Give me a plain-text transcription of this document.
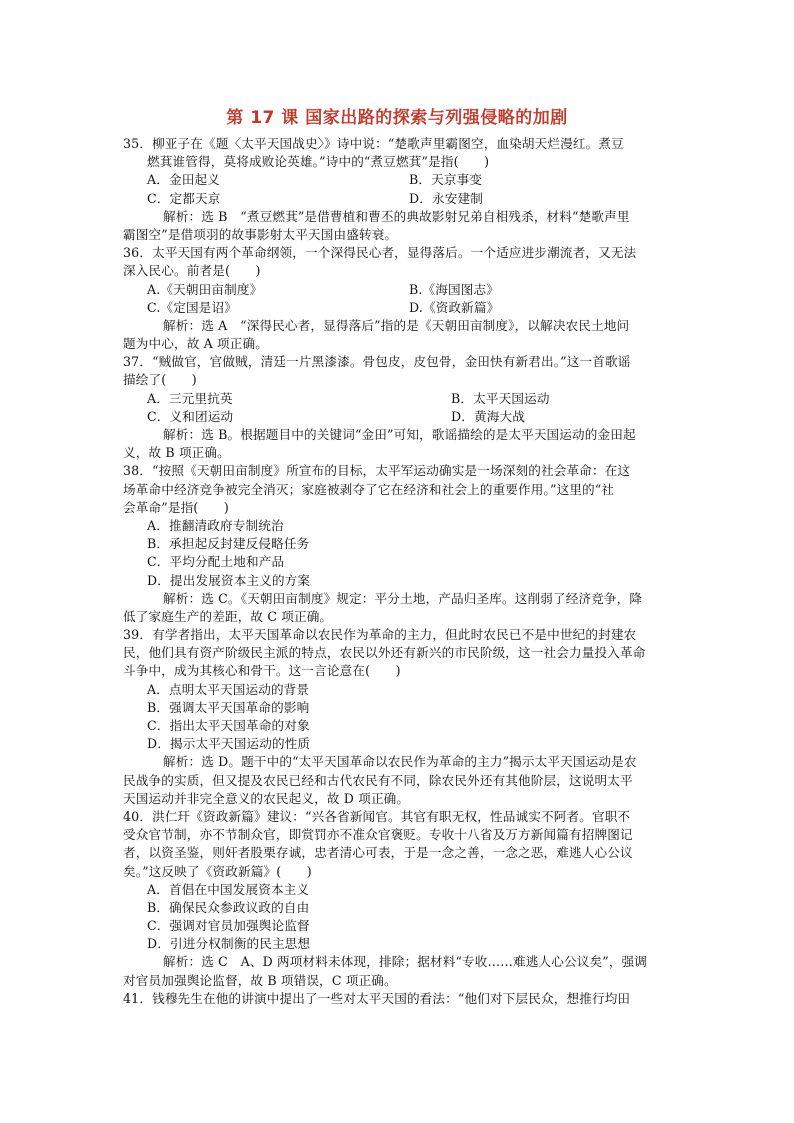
第 17 课 国家出路的探索与列强侵略的加剧
35．柳亚子在《题〈太平天国战史〉》诗中说：“楚歌声里霸图空，血染胡天烂漫红。煮豆
燃萁谁管得，莫将成败论英雄。”诗中的“煮豆燃萁”是指(　　)
A．金田起义	B．天京事变
C．定都天京	D．永安建制
解析：选 B　“煮豆燃萁”是借曹植和曹丕的典故影射兄弟自相残杀，材料“楚歌声里
霸图空”是借项羽的故事影射太平天国由盛转衰。
36．太平天国有两个革命纲领，一个深得民心者，显得落后。一个适应进步潮流者，又无法
深入民心。前者是(　　)
A.《天朝田亩制度》	B.《海国图志》
C.《定国是诏》	D.《资政新篇》
解析：选 A　“深得民心者，显得落后”指的是《天朝田亩制度》，以解决农民土地问
题为中心，故 A 项正确。
37．“贼做官，官做贼，清廷一片黑漆漆。骨包皮，皮包骨，金田快有新君出。”这一首歌谣
描绘了(　　)
A．三元里抗英	B．太平天国运动
C．义和团运动	D．黄海大战
解析：选 B。根据题目中的关键词“金田”可知，歌谣描绘的是太平天国运动的金田起
义，故 B 项正确。
38．“按照《天朝田亩制度》所宣布的目标，太平军运动确实是一场深刻的社会革命：在这
场革命中经济竞争被完全消灭；家庭被剥夺了它在经济和社会上的重要作用。”这里的“社
会革命”是指(　　)
A．推翻清政府专制统治
B．承担起反封建反侵略任务
C．平均分配土地和产品
D．提出发展资本主义的方案
解析：选 C。《天朝田亩制度》规定：平分土地，产品归圣库。这削弱了经济竞争，降
低了家庭生产的差距，故 C 项正确。
39．有学者指出，太平天国革命以农民作为革命的主力，但此时农民已不是中世纪的封建农
民，他们具有资产阶级民主派的特点，农民以外还有新兴的市民阶级，这一社会力量投入革命
斗争中，成为其核心和骨干。这一言论意在(　　)
A．点明太平天国运动的背景
B．强调太平天国革命的影响
C．指出太平天国革命的对象
D．揭示太平天国运动的性质
解析：选 D。题干中的“太平天国革命以农民作为革命的主力”揭示太平天国运动是农
民战争的实质，但又提及农民已经和古代农民有不同，除农民外还有其他阶层，这说明太平
天国运动并非完全意义的农民起义，故 D 项正确。
40．洪仁玕《资政新篇》建议：“兴各省新闻官。其官有职无权，性品诚实不阿者。官职不
受众官节制，亦不节制众官，即赏罚亦不准众官褒贬。专收十八省及万方新闻篇有招牌图记
者，以资圣鉴，则奸者股栗存诚，忠者清心可表，于是一念之善，一念之恶，难逃人心公议
矣。”这反映了《资政新篇》(　　)
A．首倡在中国发展资本主义
B．确保民众参政议政的自由
C．强调对官员加强舆论监督
D．引进分权制衡的民主思想
解析：选 C　A、D 两项材料未体现，排除；据材料“专收……难逃人心公议矣”，强调
对官员加强舆论监督，故 B 项错误，C 项正确。
41．钱穆先生在他的讲演中提出了一些对太平天国的看法：“他们对下层民众，想推行均田
